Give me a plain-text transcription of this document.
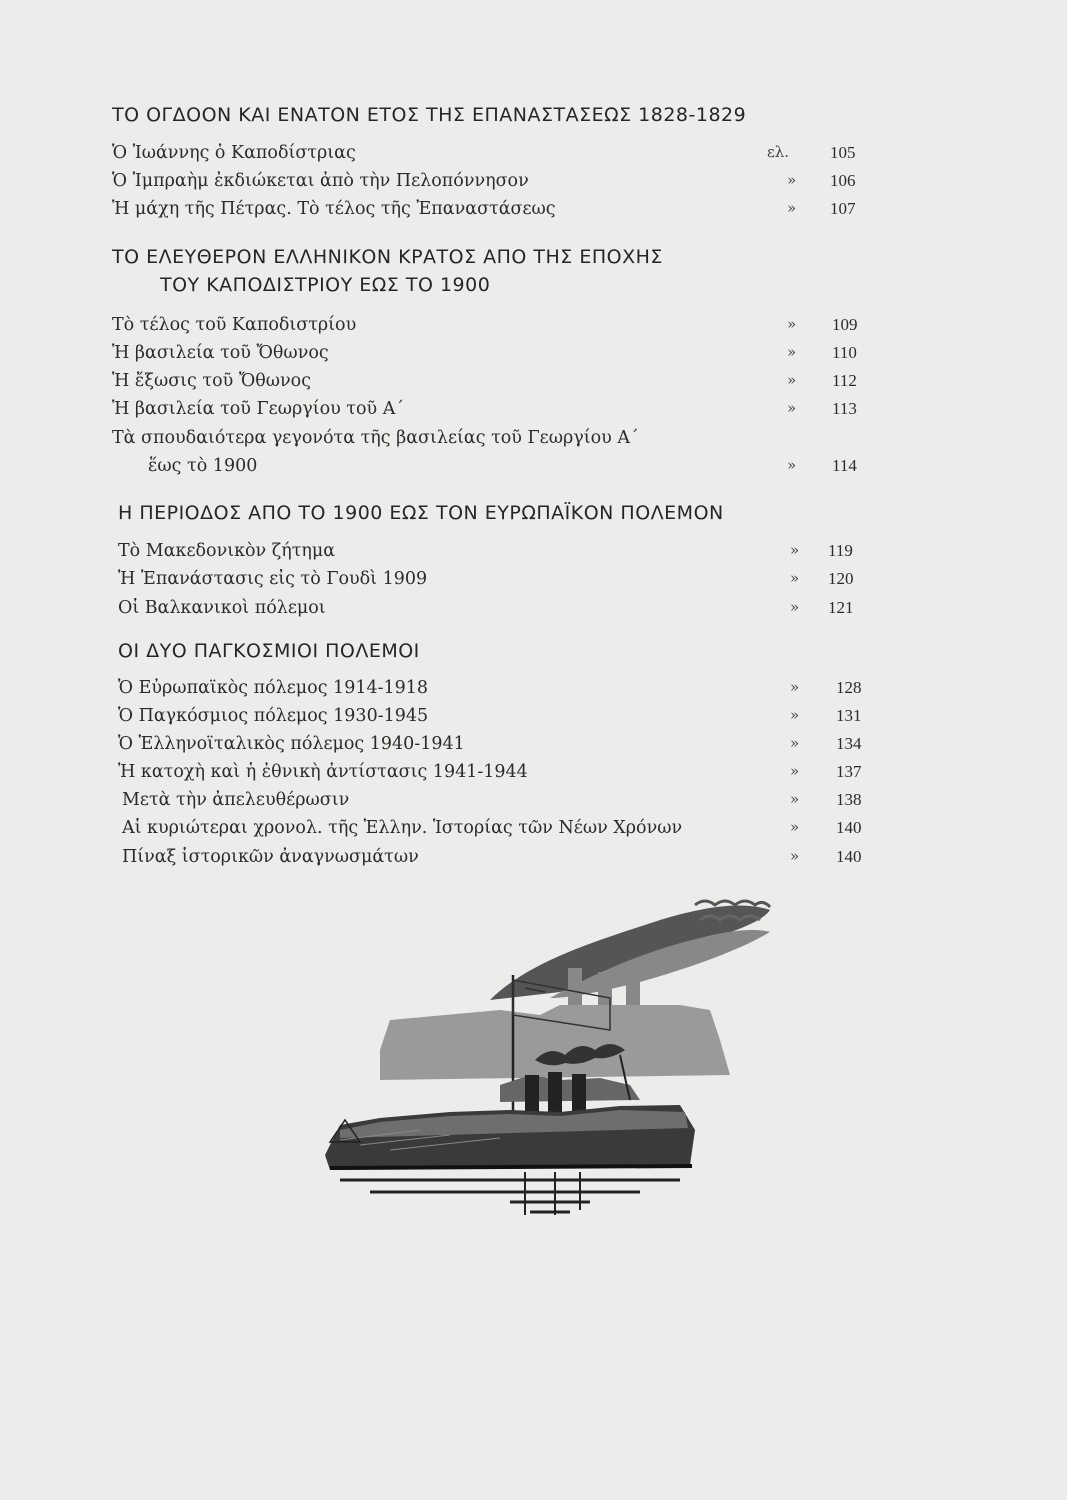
ΤΟ ΟΓΔΟΟΝ ΚΑΙ ΕΝΑΤΟΝ ΕΤΟΣ ΤΗΣ ΕΠΑΝΑΣΤΑΣΕΩΣ 1828-1829
Ὁ Ἰωάννης ὁ Καποδίστριας	ελ. 105
Ὁ Ἰμπραὴμ ἐκδιώκεται ἀπὸ τὴν Πελοπόννησον	» 106
Ἡ μάχη τῆς Πέτρας. Τὸ τέλος τῆς Ἐπαναστάσεως	» 107
ΤΟ ΕΛΕΥΘΕΡΟΝ ΕΛΛΗΝΙΚΟΝ ΚΡΑΤΟΣ ΑΠΟ ΤΗΣ ΕΠΟΧΗΣ
ΤΟΥ ΚΑΠΟΔΙΣΤΡΙΟΥ ΕΩΣ ΤΟ 1900
Τὸ τέλος τοῦ Καποδιστρίου	» 109
Ἡ βασιλεία τοῦ Ὄθωνος	» 110
Ἡ ἔξωσις τοῦ Ὄθωνος	» 112
Ἡ βασιλεία τοῦ Γεωργίου τοῦ Α΄	» 113
Τὰ σπουδαιότερα γεγονότα τῆς βασιλείας τοῦ Γεωργίου Α΄
ἕως τὸ 1900	» 114
Η ΠΕΡΙΟΔΟΣ ΑΠΟ ΤΟ 1900 ΕΩΣ ΤΟΝ ΕΥΡΩΠΑΪΚΟΝ ΠΟΛΕΜΟΝ
Τὸ Μακεδονικὸν ζήτημα	» 119
Ἡ Ἐπανάστασις εἰς τὸ Γουδὶ 1909	» 120
Οἱ Βαλκανικοὶ πόλεμοι	» 121
ΟΙ ΔΥΟ ΠΑΓΚΟΣΜΙΟΙ ΠΟΛΕΜΟΙ
Ὁ Εὐρωπαϊκὸς πόλεμος 1914-1918	» 128
Ὁ Παγκόσμιος πόλεμος 1930-1945	» 131
Ὁ Ἑλληνοϊταλικὸς πόλεμος 1940-1941	» 134
Ἡ κατοχὴ καὶ ἡ ἐθνικὴ ἀντίστασις 1941-1944	» 137
Μετὰ τὴν ἀπελευθέρωσιν	» 138
Αἱ κυριώτεραι χρονολ. τῆς Ἑλλην. Ἱστορίας τῶν Νέων Χρόνων	» 140
Πίναξ ἱστορικῶν ἀναγνωσμάτων	» 140
